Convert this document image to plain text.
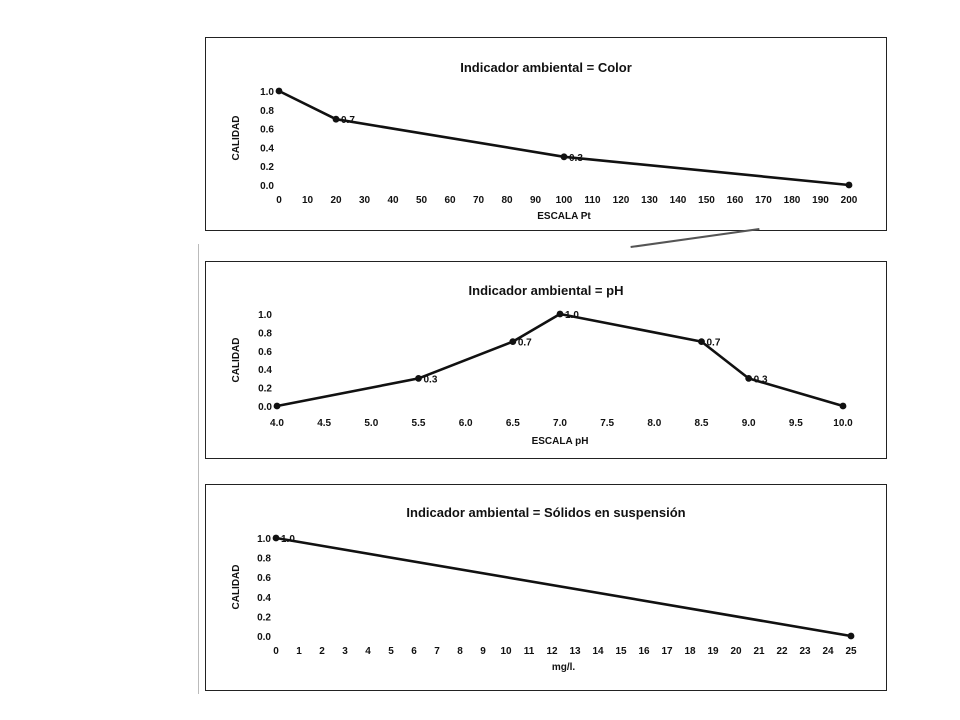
Indicador ambiental = Color
0.0
0.2
0.4
0.6
0.8
1.0
0 10 20 30 40 50 60 70 80 90 100 110 120 130 140 150 160 170 180 190 200
ESCALA Pt
CALIDAD	0.7
0.3
Indicador ambiental = pH
0.0
0.2
0.4
0.6
0.8
1.0
4.0	4.5	5.0	5.5	6.0	6.5	7.0	7.5	8.0	8.5	9.0	9.5	10.0
ESCALA pH
CALIDAD	0.3
0.7
1.0
0.7
0.3
Indicador ambiental = Sólidos en suspensión
0.0
0.2
0.4
0.6
0.8
1.0
0 1 2 3 4 5 6 7 8 9 10 11 12 13 14 15 16 17 18 19 20 21 22 23 24 25
mg/l.
CALIDAD
1.0
